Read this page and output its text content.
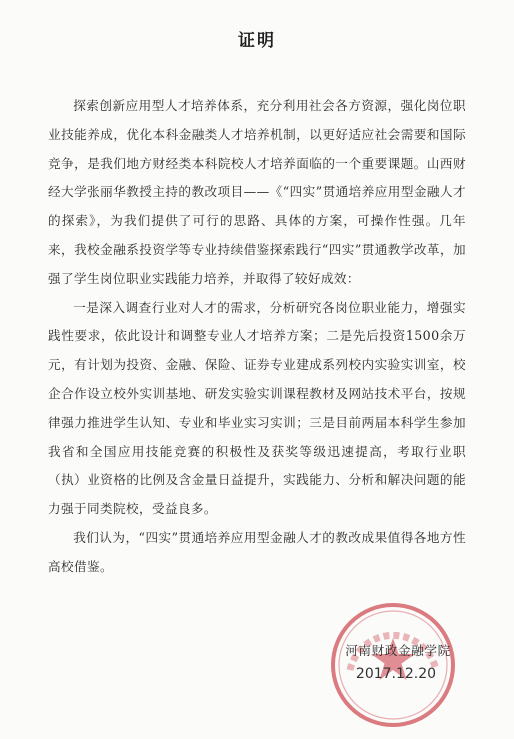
证明

探索创新应用型人才培养体系，充分利用社会各方资源，强化岗位职业技能养成，优化本科金融类人才培养机制，以更好适应社会需要和国际竞争，是我们地方财经类本科院校人才培养面临的一个重要课题。山西财经大学张丽华教授主持的教改项目——《“四实”贯通培养应用型金融人才的探索》，为我们提供了可行的思路、具体的方案，可操作性强。几年来，我校金融系投资学等专业持续借鉴探索践行“四实”贯通教学改革，加强了学生岗位职业实践能力培养，并取得了较好成效：

一是深入调查行业对人才的需求，分析研究各岗位职业能力，增强实践性要求，依此设计和调整专业人才培养方案；二是先后投资1500余万元，有计划为投资、金融、保险、证券专业建成系列校内实验实训室，校企合作设立校外实训基地、研发实验实训课程教材及网站技术平台，按规律强力推进学生认知、专业和毕业实习实训；三是目前两届本科学生参加我省和全国应用技能竞赛的积极性及获奖等级迅速提高，考取行业职（执）业资格的比例及含金量日益提升，实践能力、分析和解决问题的能力强于同类院校，受益良多。

我们认为，“四实”贯通培养应用型金融人才的教改成果值得各地方性高校借鉴。

河南财政金融学院
2017.12.20
